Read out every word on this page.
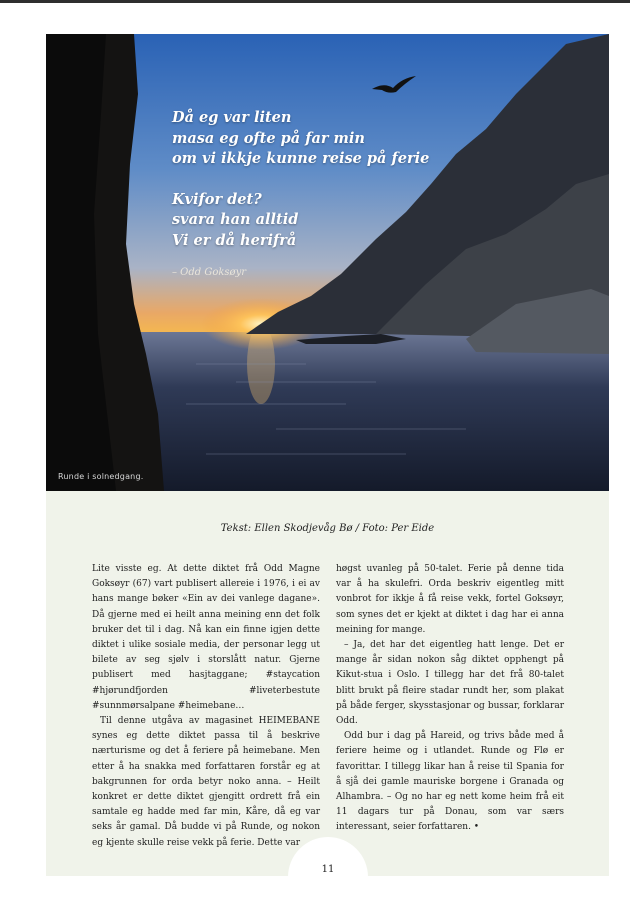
Då eg var liten
masa eg ofte på far min
om vi ikkje kunne reise på ferie
Kvifor det?
svara han alltid
Vi er då herifrå
– Odd Goksøyr
Runde i solnedgang.
Tekst: Ellen Skodjevåg Bø / Foto: Per Eide

Lite visste eg. At dette diktet frå Odd Magne Goksøyr (67) vart publisert allereie i 1976, i ei av hans mange bøker «Ein av dei vanlege dagane». Då gjerne med ei heilt anna meining enn det folk bruker det til i dag. Nå kan ein finne igjen dette diktet i ulike sosiale media, der personar legg ut bilete av seg sjølv i storslått natur. Gjerne publisert med hasjtaggane; #staycation #hjørundfjorden #liveterbestute #sunnmørsalpane #heimebane…

Til denne utgåva av magasinet HEIMEBANE synes eg dette diktet passa til å beskrive nærturisme og det å feriere på heimebane. Men etter å ha snakka med forfattaren forstår eg at bakgrunnen for orda betyr noko anna. – Heilt konkret er dette diktet gjengitt ordrett frå ein samtale eg hadde med far min, Kåre, då eg var seks år gamal. Då budde vi på Runde, og nokon eg kjente skulle reise vekk på ferie. Dette var

høgst uvanleg på 50-talet. Ferie på denne tida var å ha skulefri. Orda beskriv eigentleg mitt vonbrot for ikkje å få reise vekk, fortel Goksøyr, som synes det er kjekt at diktet i dag har ei anna meining for mange.

– Ja, det har det eigentleg hatt lenge. Det er mange år sidan nokon såg diktet opphengt på Kikut-stua i Oslo. I tillegg har det frå 80-talet blitt brukt på fleire stadar rundt her, som plakat på både ferger, skysstasjonar og bussar, forklarar Odd.

Odd bur i dag på Hareid, og trivs både med å feriere heime og i utlandet. Runde og Flø er favorittar. I tillegg likar han å reise til Spania for å sjå dei gamle mauriske borgene i Granada og Alhambra. – Og no har eg nett kome heim frå eit 11 dagars tur på Donau, som var særs interessant, seier forfattaren. •

11
